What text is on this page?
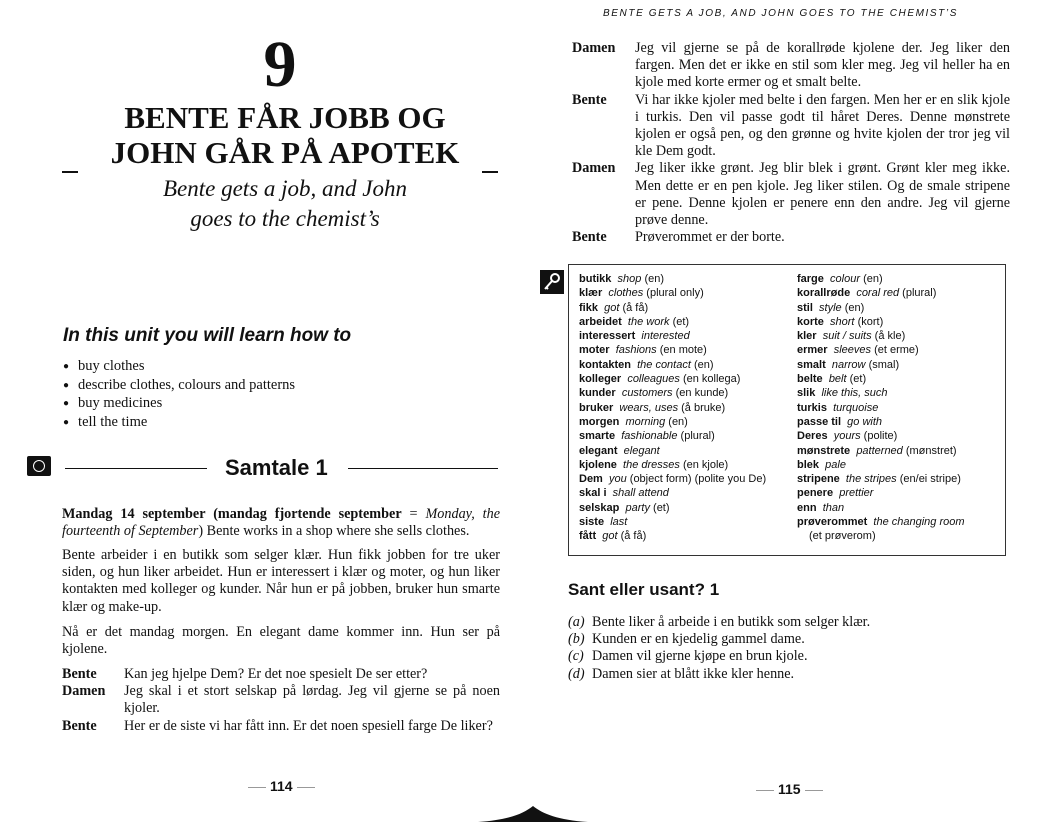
9
BENTE FÅR JOBB OG
JOHN GÅR PÅ APOTEK
Bente gets a job, and John
goes to the chemist’s
In this unit you will learn how to
● buy clothes
● describe clothes, colours and patterns
● buy medicines
● tell the time
Samtale 1

Mandag 14 september (mandag fjortende september = Monday, the fourteenth of September) Bente works in a shop where she sells clothes.

Bente arbeider i en butikk som selger klær. Hun fikk jobben for tre uker siden, og hun liker arbeidet. Hun er interessert i klær og moter, og hun liker kontakten med kolleger og kunder. Når hun er på jobben, bruker hun smarte klær og make-up.

Nå er det mandag morgen. En elegant dame kommer inn. Hun ser på kjolene.

Bente	Kan jeg hjelpe Dem? Er det noe spesielt De ser etter?
Damen	Jeg skal i et stort selskap på lørdag. Jeg vil gjerne se på noen kjoler.
Bente	Her er de siste vi har fått inn. Er det noen spesiell farge De liker?
114
BENTE GETS A JOB, AND JOHN GOES TO THE CHEMIST’S
Damen	Jeg vil gjerne se på de korallrøde kjolene der. Jeg liker den fargen. Men det er ikke en stil som kler meg. Jeg vil heller ha en kjole med korte ermer og et smalt belte.
Bente	Vi har ikke kjoler med belte i den fargen. Men her er en slik kjole i turkis. Den vil passe godt til håret Deres. Denne mønstrete kjolen er også pen, og den grønne og hvite kjolen der tror jeg vil kle Dem godt.
Damen	Jeg liker ikke grønt. Jeg blir blek i grønt. Grønt kler meg ikke. Men dette er en pen kjole. Jeg liker stilen. Og de smale stripene er pene. Denne kjolen er penere enn den andre. Jeg vil gjerne prøve denne.
Bente	Prøverommet er der borte.
butikk shop (en)
klær clothes (plural only)
fikk got (å få)
arbeidet the work (et)
interessert interested
moter fashions (en mote)
kontakten the contact (en)
kolleger colleagues (en kollega)
kunder customers (en kunde)
bruker wears, uses (å bruke)
morgen morning (en)
smarte fashionable (plural)
elegant elegant
kjolene the dresses (en kjole)
Dem you (object form) (polite you De)
skal i shall attend
selskap party (et)
siste last
fått got (å få)
farge colour (en)
korallrøde coral red (plural)
stil style (en)
korte short (kort)
kler suit / suits (å kle)
ermer sleeves (et erme)
smalt narrow (smal)
belte belt (et)
slik like this, such
turkis turquoise
passe til go with
Deres yours (polite)
mønstrete patterned (mønstret)
blek pale
stripene the stripes (en/ei stripe)
penere prettier
enn than
prøverommet the changing room
(et prøverom)
Sant eller usant? 1
(a) Bente liker å arbeide i en butikk som selger klær.
(b) Kunden er en kjedelig gammel dame.
(c) Damen vil gjerne kjøpe en brun kjole.
(d) Damen sier at blått ikke kler henne.
115
